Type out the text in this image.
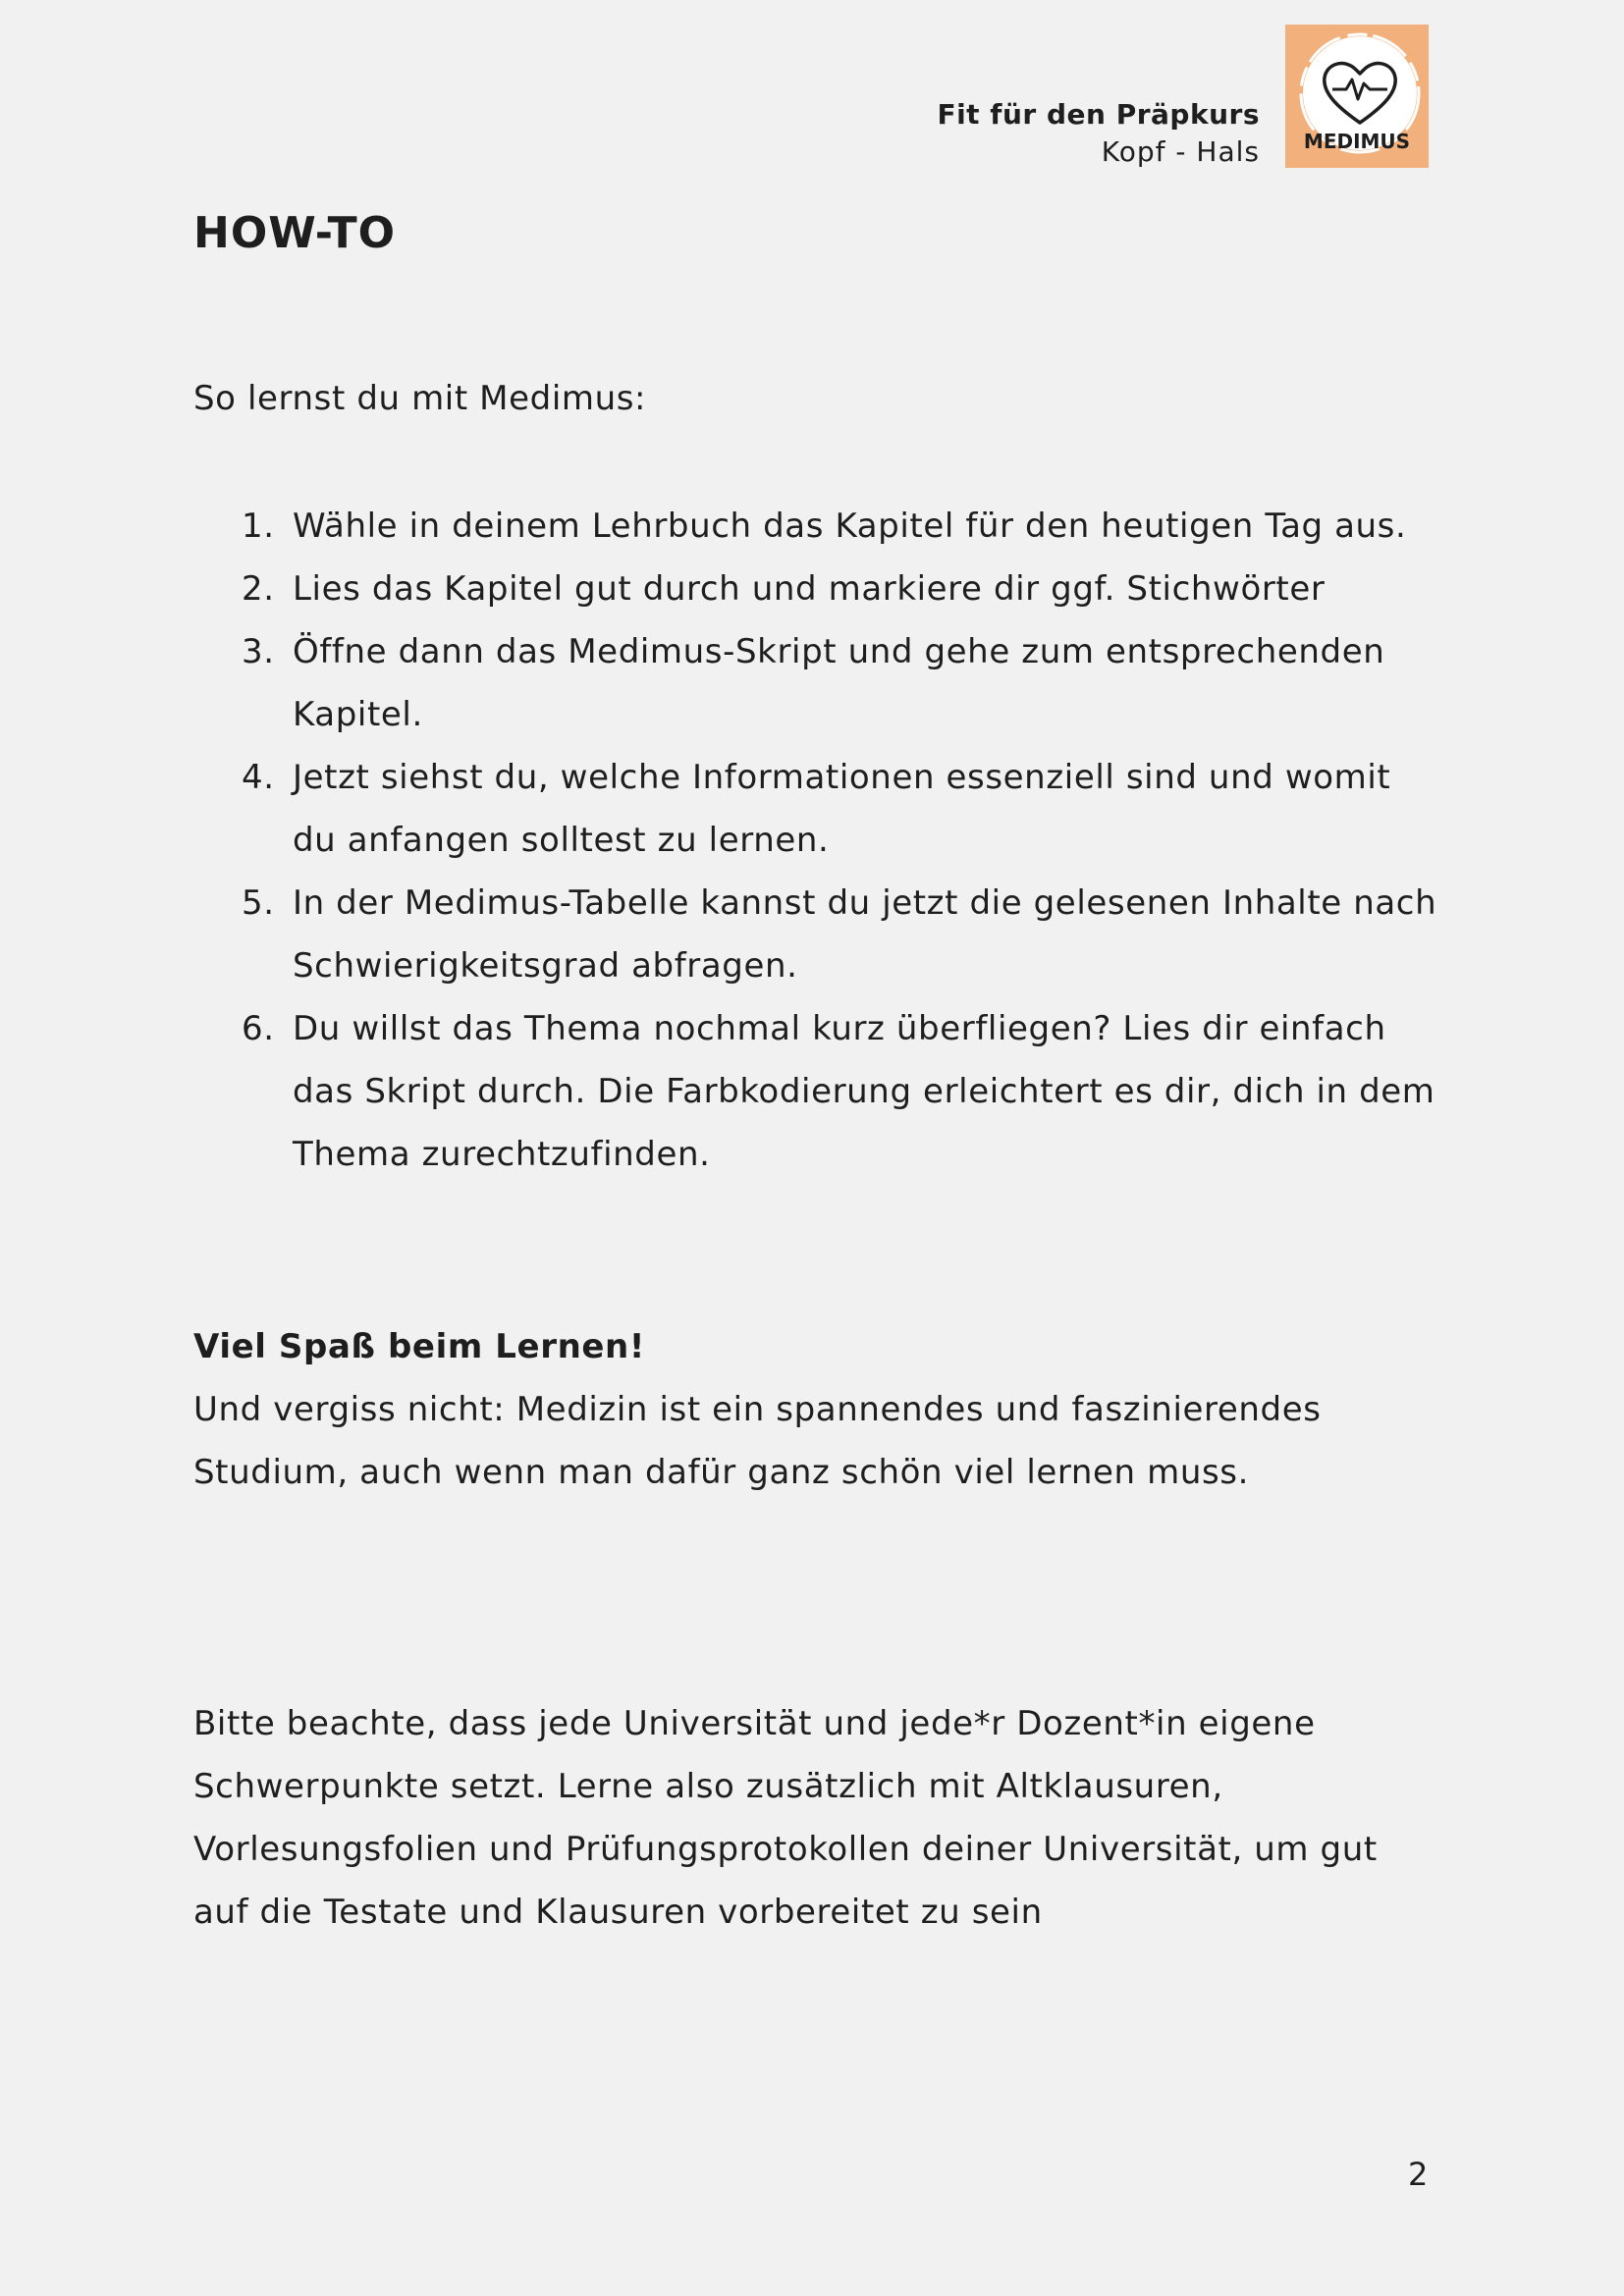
Fit für den Präpkurs
Kopf - Hals MEDIMUS
HOW-TO
So lernst du mit Medimus:
1. Wähle in deinem Lehrbuch das Kapitel für den heutigen Tag aus.
2. Lies das Kapitel gut durch und markiere dir ggf. Stichwörter
3. Öffne dann das Medimus-Skript und gehe zum entsprechenden Kapitel.
4. Jetzt siehst du, welche Informationen essenziell sind und womit du anfangen solltest zu lernen.
5. In der Medimus-Tabelle kannst du jetzt die gelesenen Inhalte nach Schwierigkeitsgrad abfragen.
6. Du willst das Thema nochmal kurz überfliegen? Lies dir einfach das Skript durch. Die Farbkodierung erleichtert es dir, dich in dem Thema zurechtzufinden.
Viel Spaß beim Lernen!
Und vergiss nicht: Medizin ist ein spannendes und faszinierendes Studium, auch wenn man dafür ganz schön viel lernen muss.
Bitte beachte, dass jede Universität und jede*r Dozent*in eigene Schwerpunkte setzt. Lerne also zusätzlich mit Altklausuren, Vorlesungsfolien und Prüfungsprotokollen deiner Universität, um gut auf die Testate und Klausuren vorbereitet zu sein
2
